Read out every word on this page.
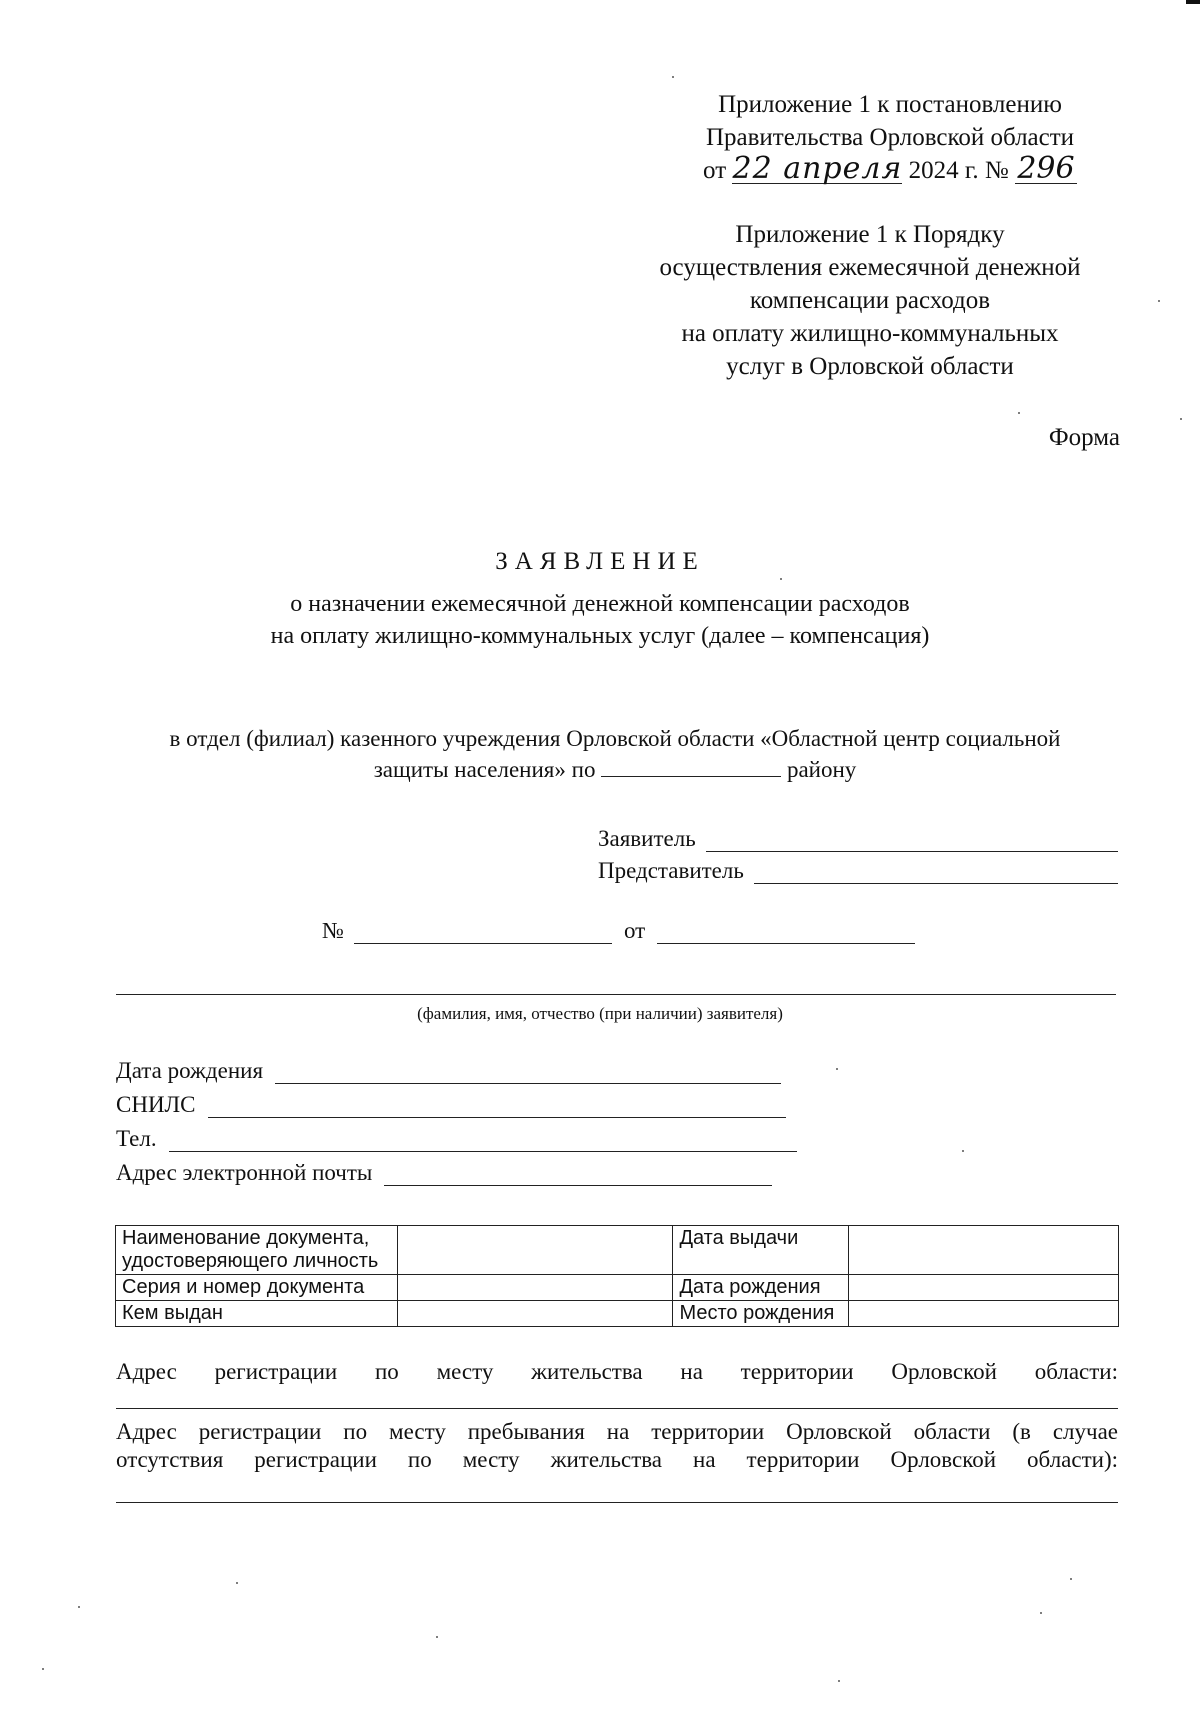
Приложение 1 к постановлению
Правительства Орловской области
от 22 апреля 2024 г. № 296
Приложение 1 к Порядку
осуществления ежемесячной денежной
компенсации расходов
на оплату жилищно-коммунальных
услуг в Орловской области
Форма
ЗАЯВЛЕНИЕ
о назначении ежемесячной денежной компенсации расходов
на оплату жилищно-коммунальных услуг (далее – компенсация)
в отдел (филиал) казенного учреждения Орловской области «Областной центр социальной
защиты населения» по	району
Заявитель
Представитель
№	от
(фамилия, имя, отчество (при наличии) заявителя)
Дата рождения
СНИЛС
Тел.
Адрес электронной почты
Наименование документа, удостоверяющего личность		Дата выдачи	
Серия и номер документа		Дата рождения	
Кем выдан		Место рождения	
Адрес регистрации по месту жительства на территории Орловской области:
Адрес регистрации по месту пребывания на территории Орловской области (в случае
отсутствия регистрации по месту жительства на территории Орловской области):
